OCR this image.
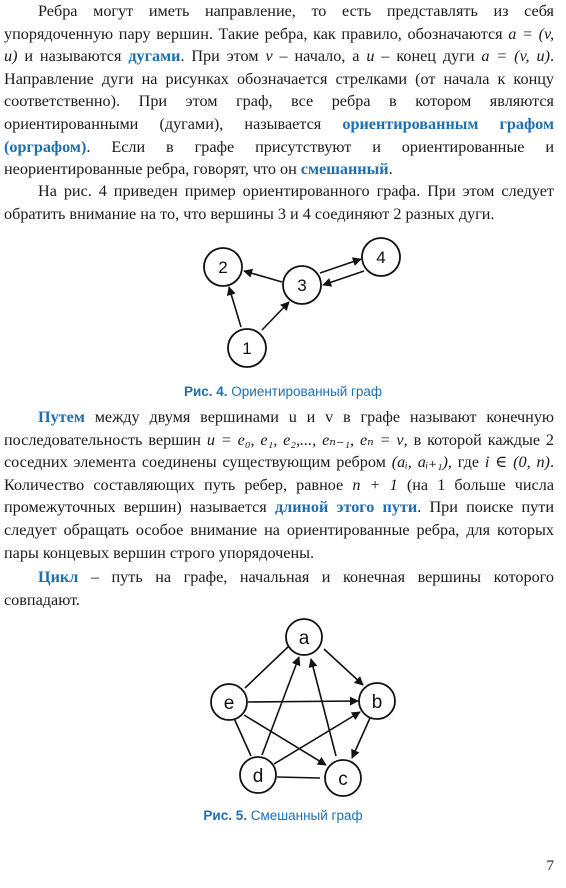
Ребра могут иметь направление, то есть представлять из себя упорядоченную пару вершин. Такие ребра, как правило, обозначаются a = (v, u) и называются дугами. При этом v – начало, а u – конец дуги a = (v, u). Направление дуги на рисунках обозначается стрелками (от начала к концу соответственно). При этом граф, все ребра в котором являются ориентированными (дугами), называется ориентированным графом (орграфом). Если в графе присутствуют и ориентированные и неориентированные ребра, говорят, что он смешанный.

На рис. 4 приведен пример ориентированного графа. При этом следует обратить внимание на то, что вершины 3 и 4 соединяют 2 разных дуги.

1
2
3
4

Рис. 4. Ориентированный граф

Путем между двумя вершинами u и v в графе называют конечную последовательность вершин u = e₀, e₁, e₂,..., eₙ₋₁, eₙ = v, в которой каждые 2 соседних элемента соединены существующим ребром (aᵢ, aᵢ₊₁), где i ∈ (0, n). Количество составляющих путь ребер, равное n + 1 (на 1 больше числа промежуточных вершин) называется длиной этого пути. При поиске пути следует обращать особое внимание на ориентированные ребра, для которых пары концевых вершин строго упорядочены.

Цикл – путь на графе, начальная и конечная вершины которого совпадают.

a
b
c
d
e

Рис. 5. Смешанный граф

7
